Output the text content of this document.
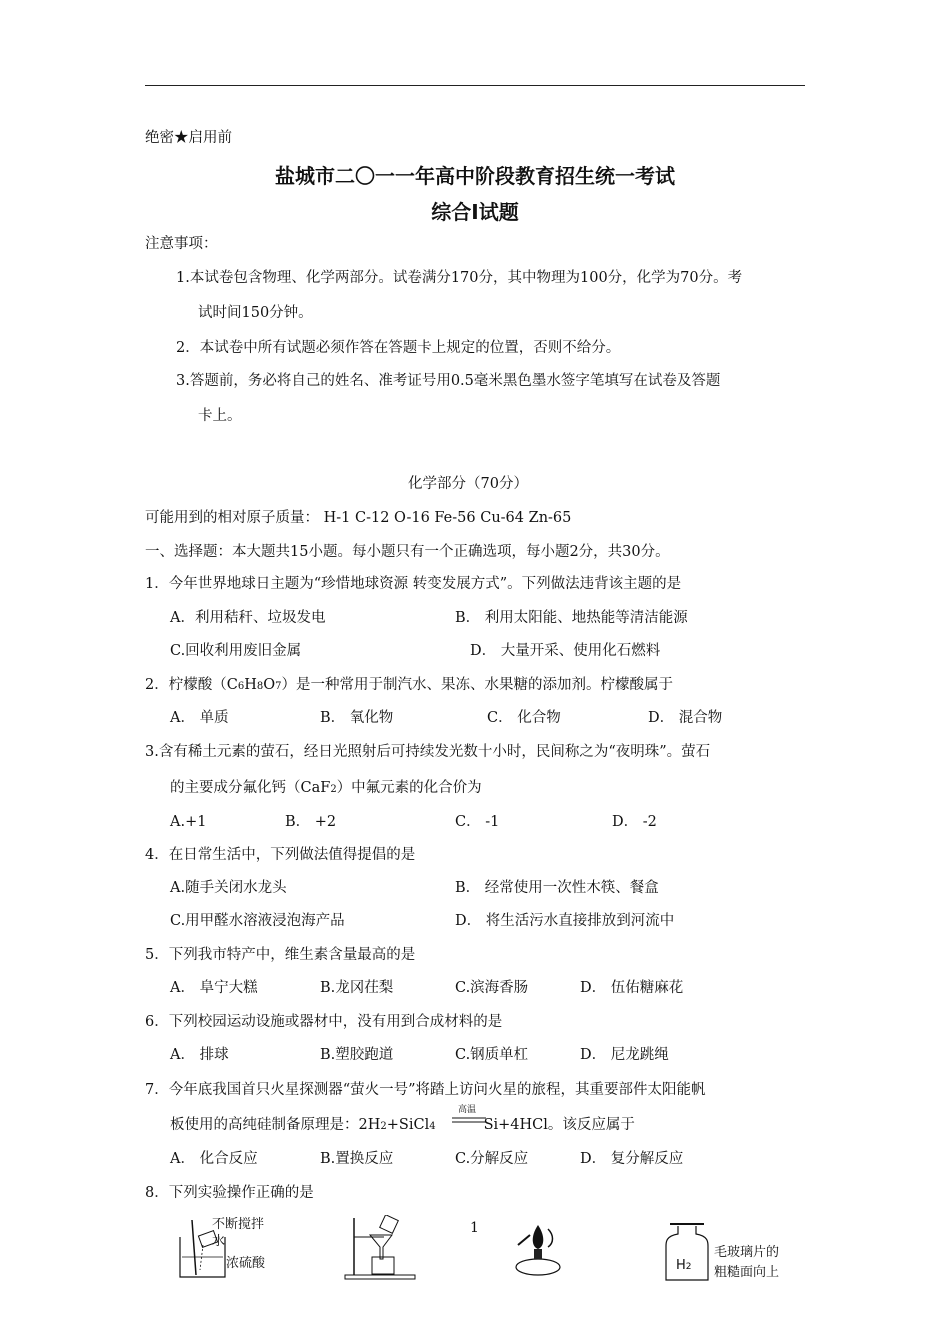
绝密★启用前
盐城市二〇一一年高中阶段教育招生统一考试
综合Ⅰ试题
注意事项：
1.本试卷包含物理、化学两部分。试卷满分170分，其中物理为100分，化学为70分。考
试时间150分钟。
2．本试卷中所有试题必须作答在答题卡上规定的位置，否则不给分。
3.答题前，务必将自己的姓名、准考证号用0.5毫米黑色墨水签字笔填写在试卷及答题
卡上。
化学部分（70分）
可能用到的相对原子质量： H-1 C-12 O-16 Fe-56 Cu-64 Zn-65
一、选择题：本大题共15小题。每小题只有一个正确选项，每小题2分，共30分。
1．今年世界地球日主题为“珍惜地球资源 转变发展方式”。下列做法违背该主题的是
A．利用秸秆、垃圾发电	B． 利用太阳能、地热能等清洁能源
C.回收利用废旧金属	D． 大量开采、使用化石燃料
2．柠檬酸（C6H8O7）是一种常用于制汽水、果冻、水果糖的添加剂。柠檬酸属于
A． 单质	B． 氧化物	C． 化合物	D． 混合物
3.含有稀土元素的萤石，经日光照射后可持续发光数十小时，民间称之为“夜明珠”。萤石
的主要成分氟化钙（CaF2）中氟元素的化合价为
A.+1	B． +2	C． -1	D． -2
4．在日常生活中，下列做法值得提倡的是
A.随手关闭水龙头	B． 经常使用一次性木筷、餐盒
C.用甲醛水溶液浸泡海产品	D． 将生活污水直接排放到河流中
5．下列我市特产中，维生素含量最高的是
A． 阜宁大糕	B.龙冈茌梨	C.滨海香肠	D． 伍佑糖麻花
6．下列校园运动设施或器材中，没有用到合成材料的是
A． 排球	B.塑胶跑道	C.钢质单杠	D． 尼龙跳绳
7．今年底我国首只火星探测器“萤火一号”将踏上访问火星的旅程，其重要部件太阳能帆
板使用的高纯硅制备原理是：2H2+SiCl4	Si+4HCl。该反应属于
高温
A． 化合反应	B.置换反应	C.分解反应	D． 复分解反应
8．下列实验操作正确的是
不断搅拌
水
浓硫酸	H2
毛玻璃片的
粗糙面向上
1
